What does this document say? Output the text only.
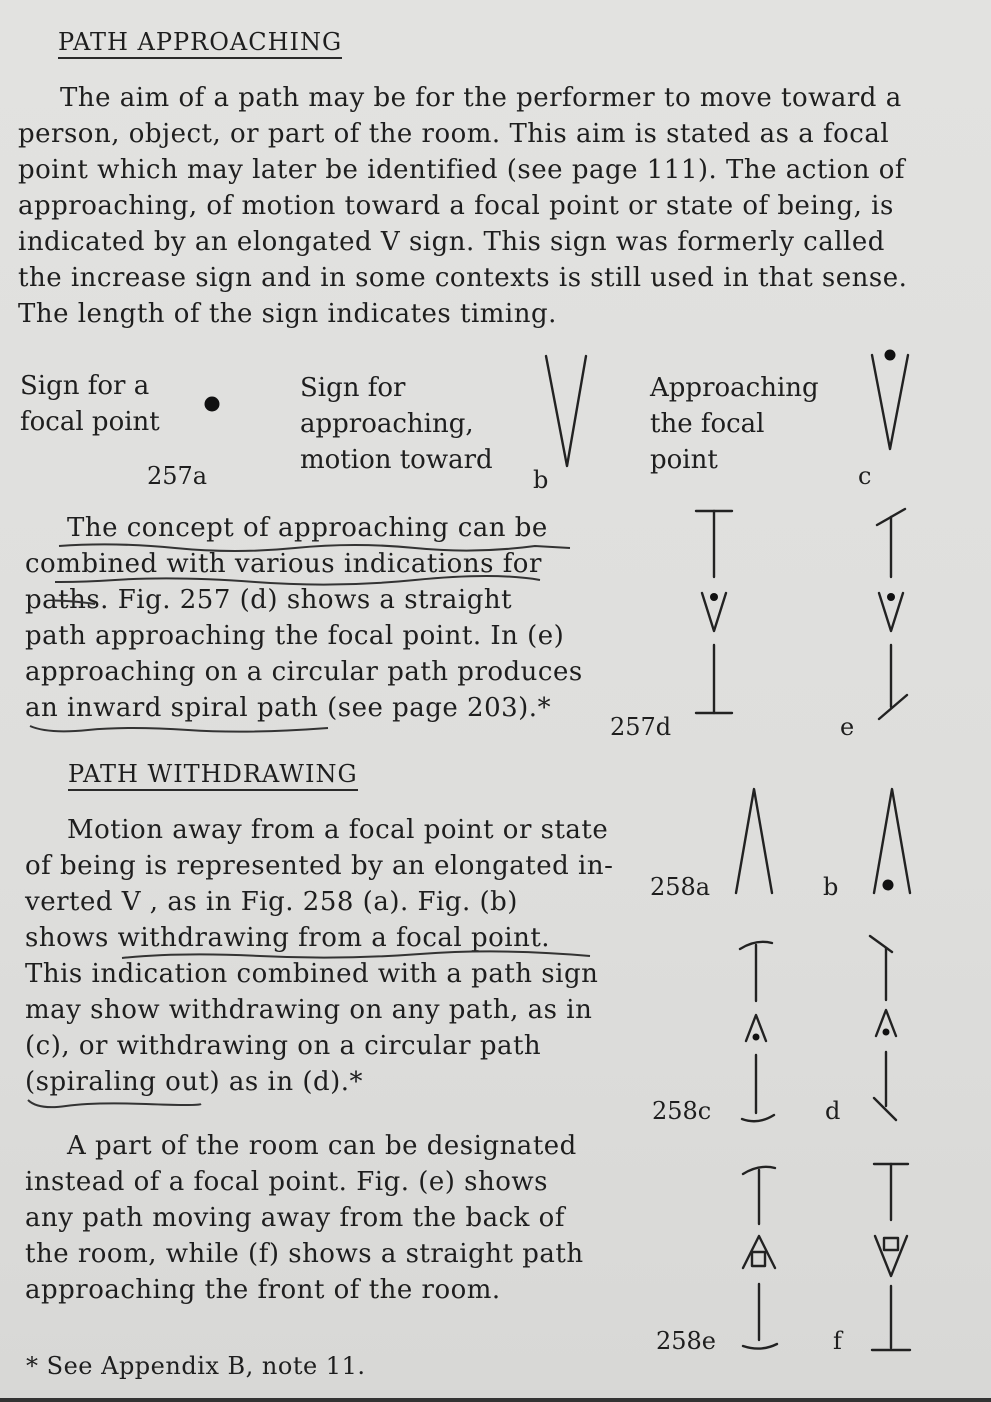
PATH APPROACHING
The aim of a path may be for the performer to move toward a
person, object, or part of the room. This aim is stated as a focal
point which may later be identified (see page 111). The action of
approaching, of motion toward a focal point or state of being, is
indicated by an elongated V sign. This sign was formerly called
the increase sign and in some contexts is still used in that sense.
The length of the sign indicates timing.
Sign for a
focal point
257a
Sign for
approaching,
motion toward
b
Approaching
the focal
point
c
The concept of approaching can be
combined with various indications for
paths. Fig. 257 (d) shows a straight
path approaching the focal point. In (e)
approaching on a circular path produces
an inward spiral path (see page 203).*
257d	e
PATH WITHDRAWING
Motion away from a focal point or state
of being is represented by an elongated in-
verted V , as in Fig. 258 (a). Fig. (b)
shows withdrawing from a focal point.
This indication combined with a path sign
may show withdrawing on any path, as in
(c), or withdrawing on a circular path
(spiraling out) as in (d).*
A part of the room can be designated
instead of a focal point. Fig. (e) shows
any path moving away from the back of
the room, while (f) shows a straight path
approaching the front of the room.
258a	b
258c	d
258e	f
* See Appendix B, note 11.
